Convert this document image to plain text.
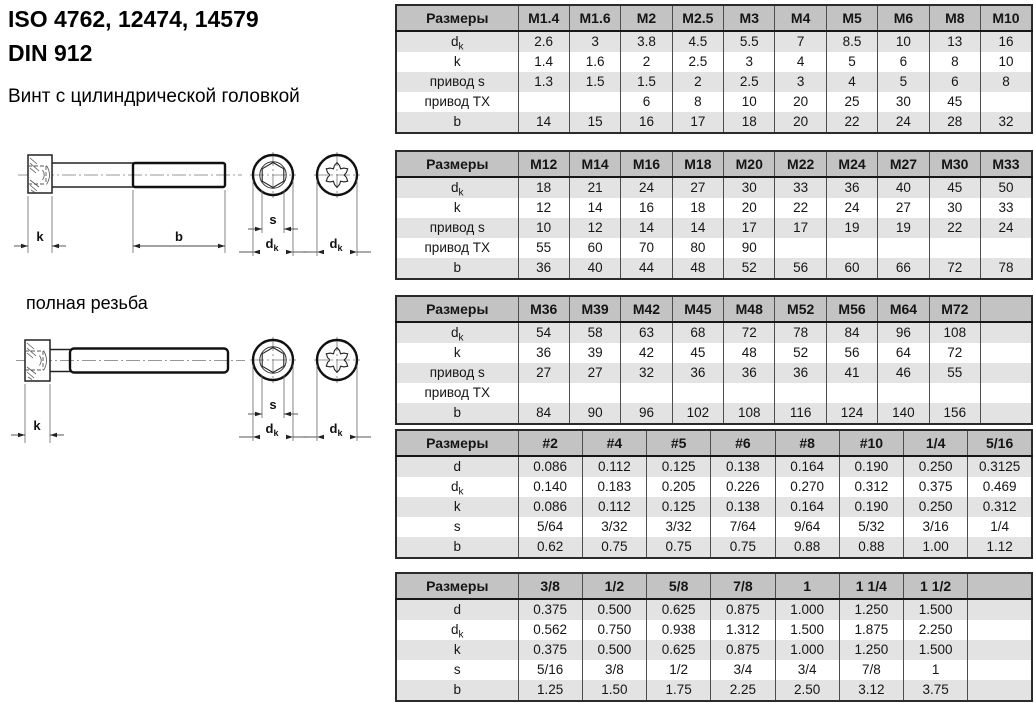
ISO 4762, 12474, 14579
DIN 912
Винт с цилиндрической головкой
полная резьба
k	b
s
$d_k$	$d_k$
k
s
$d_k$	$d_k$
Размеры	M1.4	M1.6	M2	M2.5	M3	M4	M5	M6	M8	M10
$d_k$	2.6	3	3.8	4.5	5.5	7	8.5	10	13	16
k	1.4	1.6	2	2.5	3	4	5	6	8	10
привод s	1.3	1.5	1.5	2	2.5	3	4	5	6	8
привод TX			6	8	10	20	25	30	45	
b	14	15	16	17	18	20	22	24	28	32
Размеры	M12	M14	M16	M18	M20	M22	M24	M27	M30	M33
$d_k$	18	21	24	27	30	33	36	40	45	50
k	12	14	16	18	20	22	24	27	30	33
привод s	10	12	14	14	17	17	19	19	22	24
привод TX	55	60	70	80	90					
b	36	40	44	48	52	56	60	66	72	78
Размеры	M36	M39	M42	M45	M48	M52	M56	M64	M72	
$d_k$	54	58	63	68	72	78	84	96	108	
k	36	39	42	45	48	52	56	64	72	
привод s	27	27	32	36	36	36	41	46	55	
привод TX										
b	84	90	96	102	108	116	124	140	156	
Размеры	#2	#4	#5	#6	#8	#10	1/4	5/16
d	0.086	0.112	0.125	0.138	0.164	0.190	0.250	0.3125
$d_k$	0.140	0.183	0.205	0.226	0.270	0.312	0.375	0.469
k	0.086	0.112	0.125	0.138	0.164	0.190	0.250	0.312
s	5/64	3/32	3/32	7/64	9/64	5/32	3/16	1/4
b	0.62	0.75	0.75	0.75	0.88	0.88	1.00	1.12
Размеры	3/8	1/2	5/8	7/8	1	1 1/4	1 1/2	
d	0.375	0.500	0.625	0.875	1.000	1.250	1.500	
$d_k$	0.562	0.750	0.938	1.312	1.500	1.875	2.250	
k	0.375	0.500	0.625	0.875	1.000	1.250	1.500	
s	5/16	3/8	1/2	3/4	3/4	7/8	1	
b	1.25	1.50	1.75	2.25	2.50	3.12	3.75	
